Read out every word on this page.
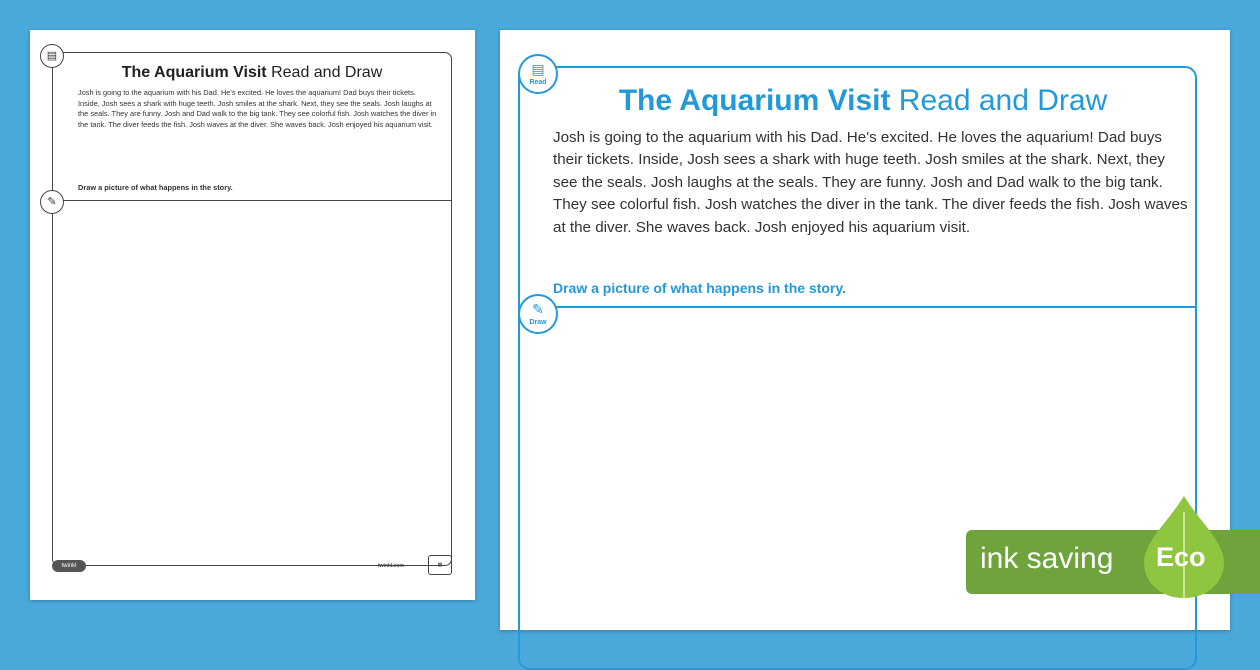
▤
✎
The Aquarium Visit Read and Draw
Josh is going to the aquarium with his Dad. He's excited. He loves the aquarium! Dad buys their tickets. Inside, Josh sees a shark with huge teeth. Josh smiles at the shark. Next, they see the seals. Josh laughs at the seals. They are funny. Josh and Dad walk to the big tank. They see colorful fish. Josh watches the diver in the tank. The diver feeds the fish. Josh waves at the diver. She waves back. Josh enjoyed his aquarium visit.
Draw a picture of what happens in the story.
twinkl	twinkl.com	▦
▤
Read
✎
Draw
The Aquarium Visit Read and Draw
Josh is going to the aquarium with his Dad. He's excited. He loves the aquarium! Dad buys their tickets. Inside, Josh sees a shark with huge teeth. Josh smiles at the shark. Next, they see the seals. Josh laughs at the seals. They are funny. Josh and Dad walk to the big tank. They see colorful fish. Josh watches the diver in the tank. The diver feeds the fish. Josh waves at the diver. She waves back. Josh enjoyed his aquarium visit.
Draw a picture of what happens in the story.
ink saving Eco
